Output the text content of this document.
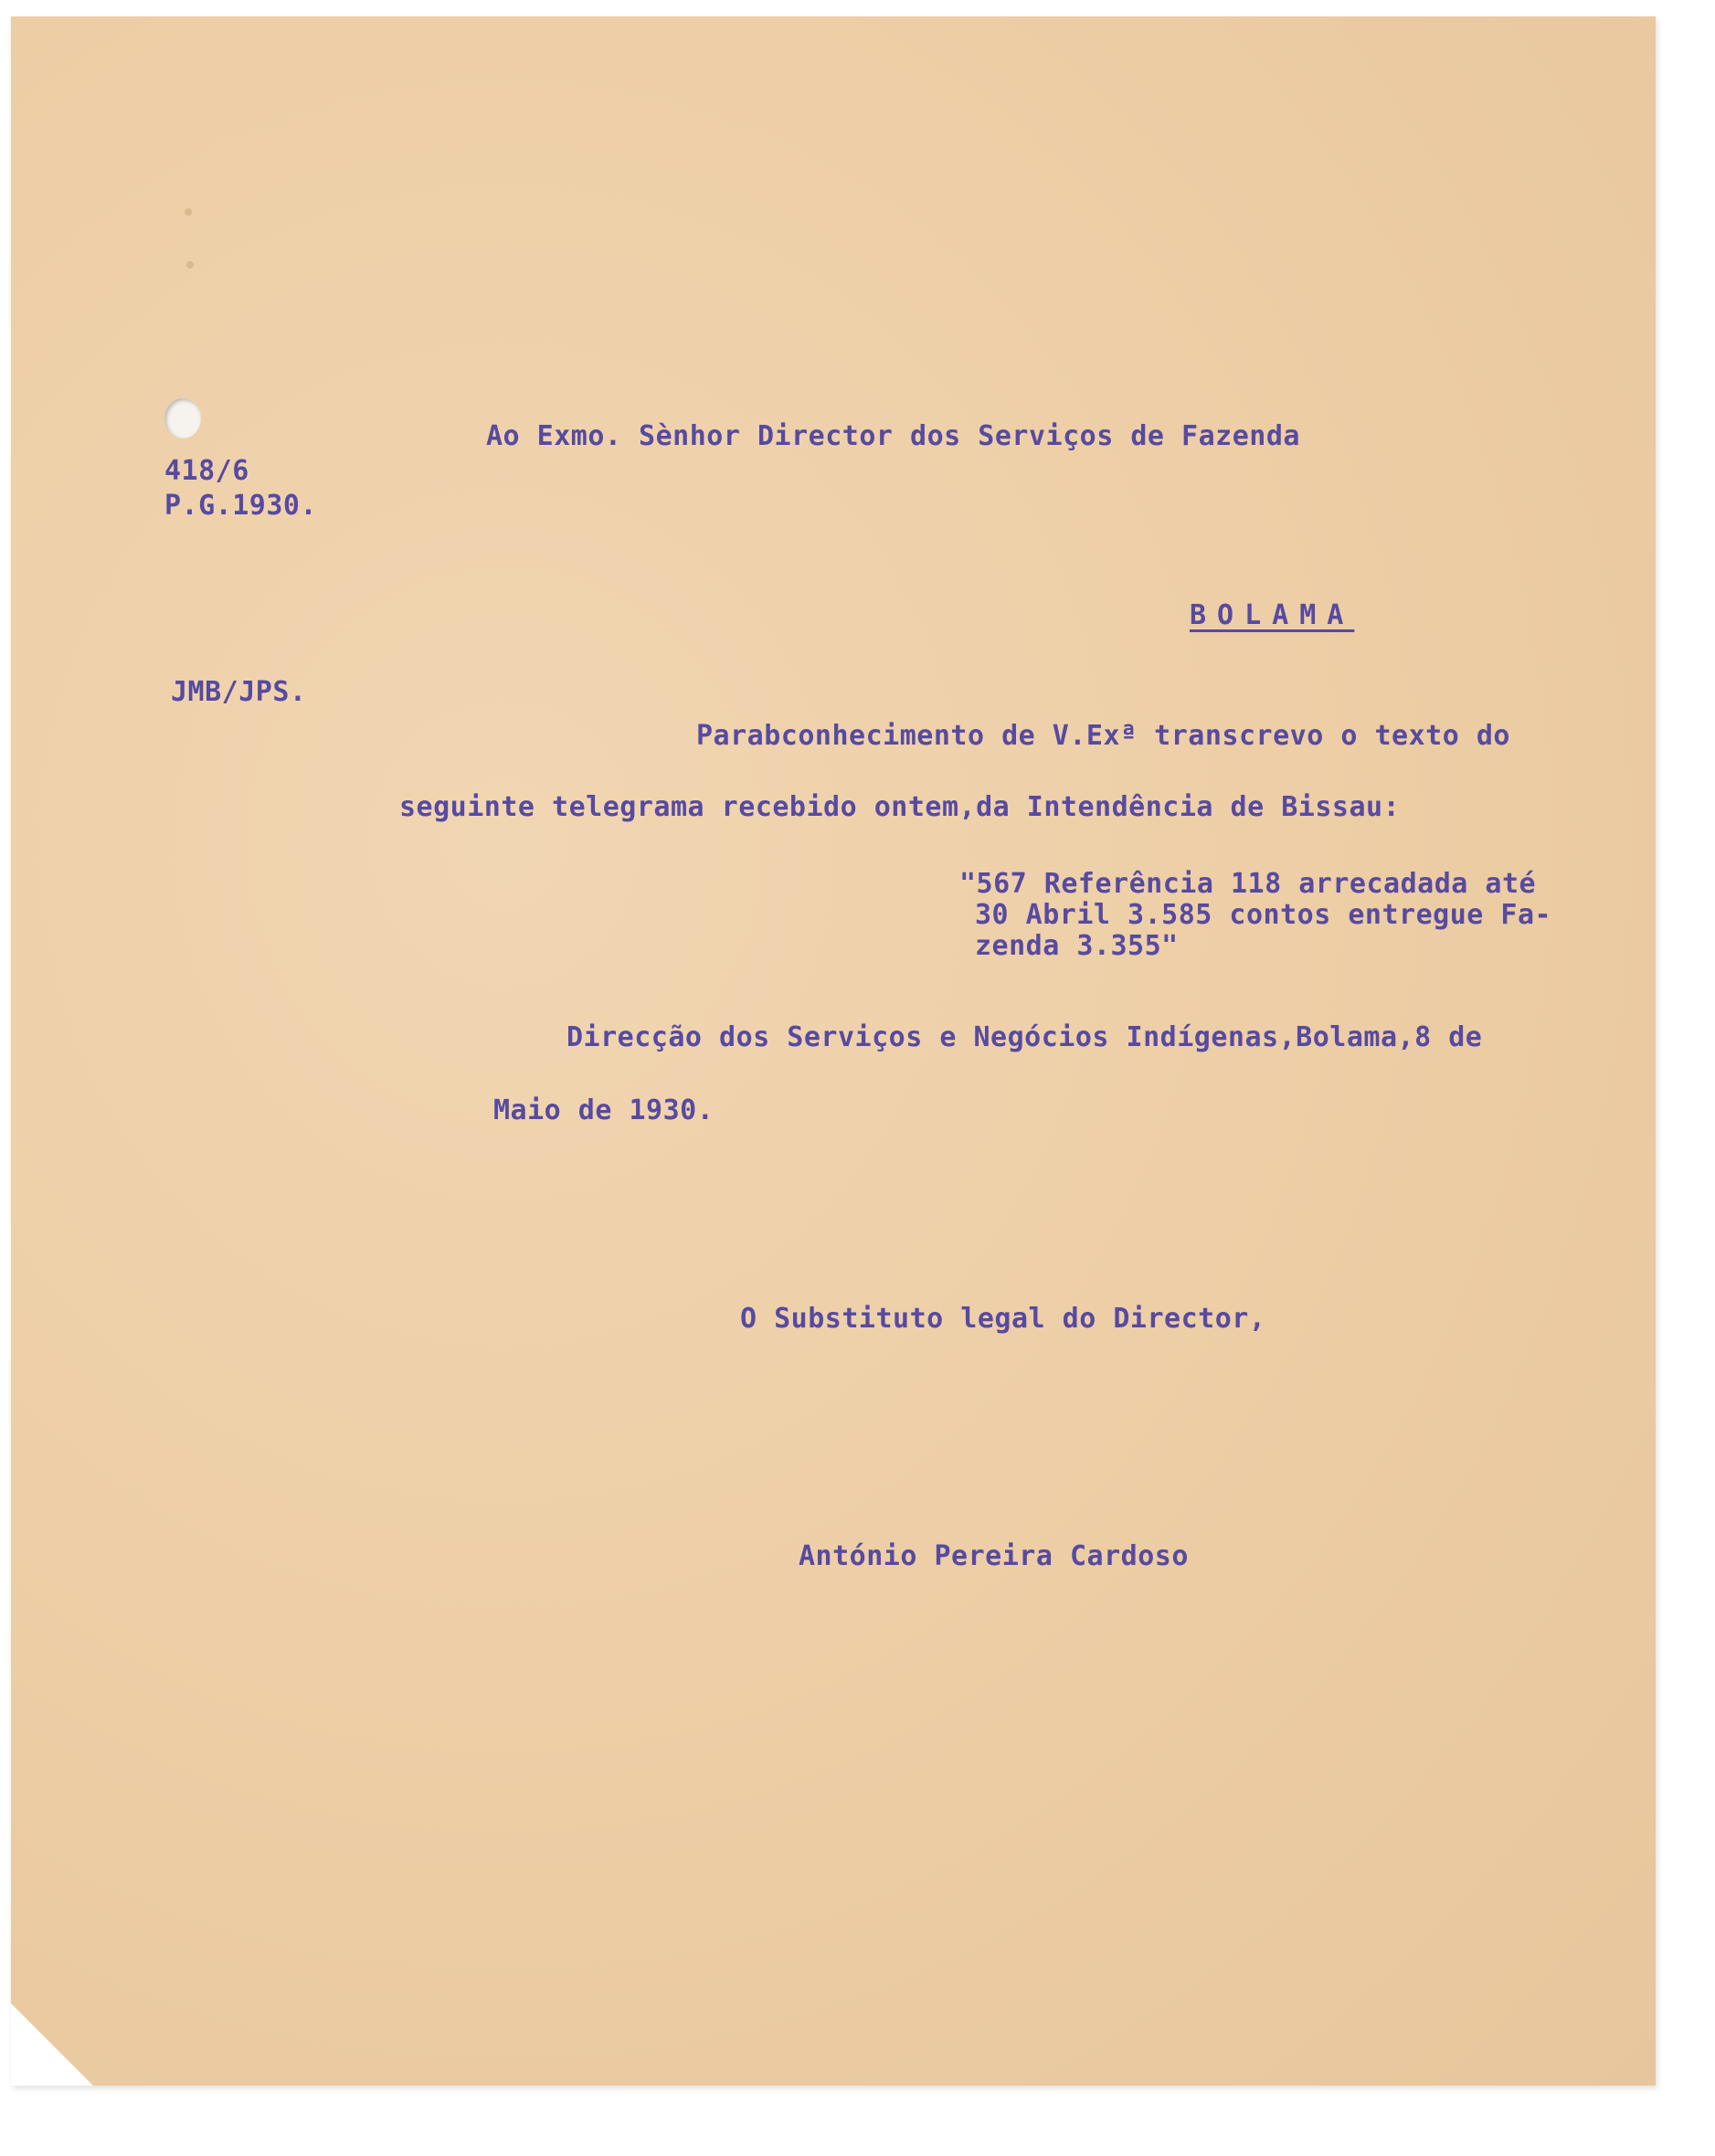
418/6
P.G.1930.
Ao Exmo. Sènhor Director dos Serviços de Fazenda
BOLAMA
JMB/JPS.
Parabconhecimento de V.Exª transcrevo o texto do
seguinte telegrama recebido ontem,da Intendência de Bissau:
"567 Referência 118 arrecadada até
30 Abril 3.585 contos entregue Fa-
zenda 3.355"
Direcção dos Serviços e Negócios Indígenas,Bolama,8 de
Maio de 1930.
O Substituto legal do Director,
António Pereira Cardoso
